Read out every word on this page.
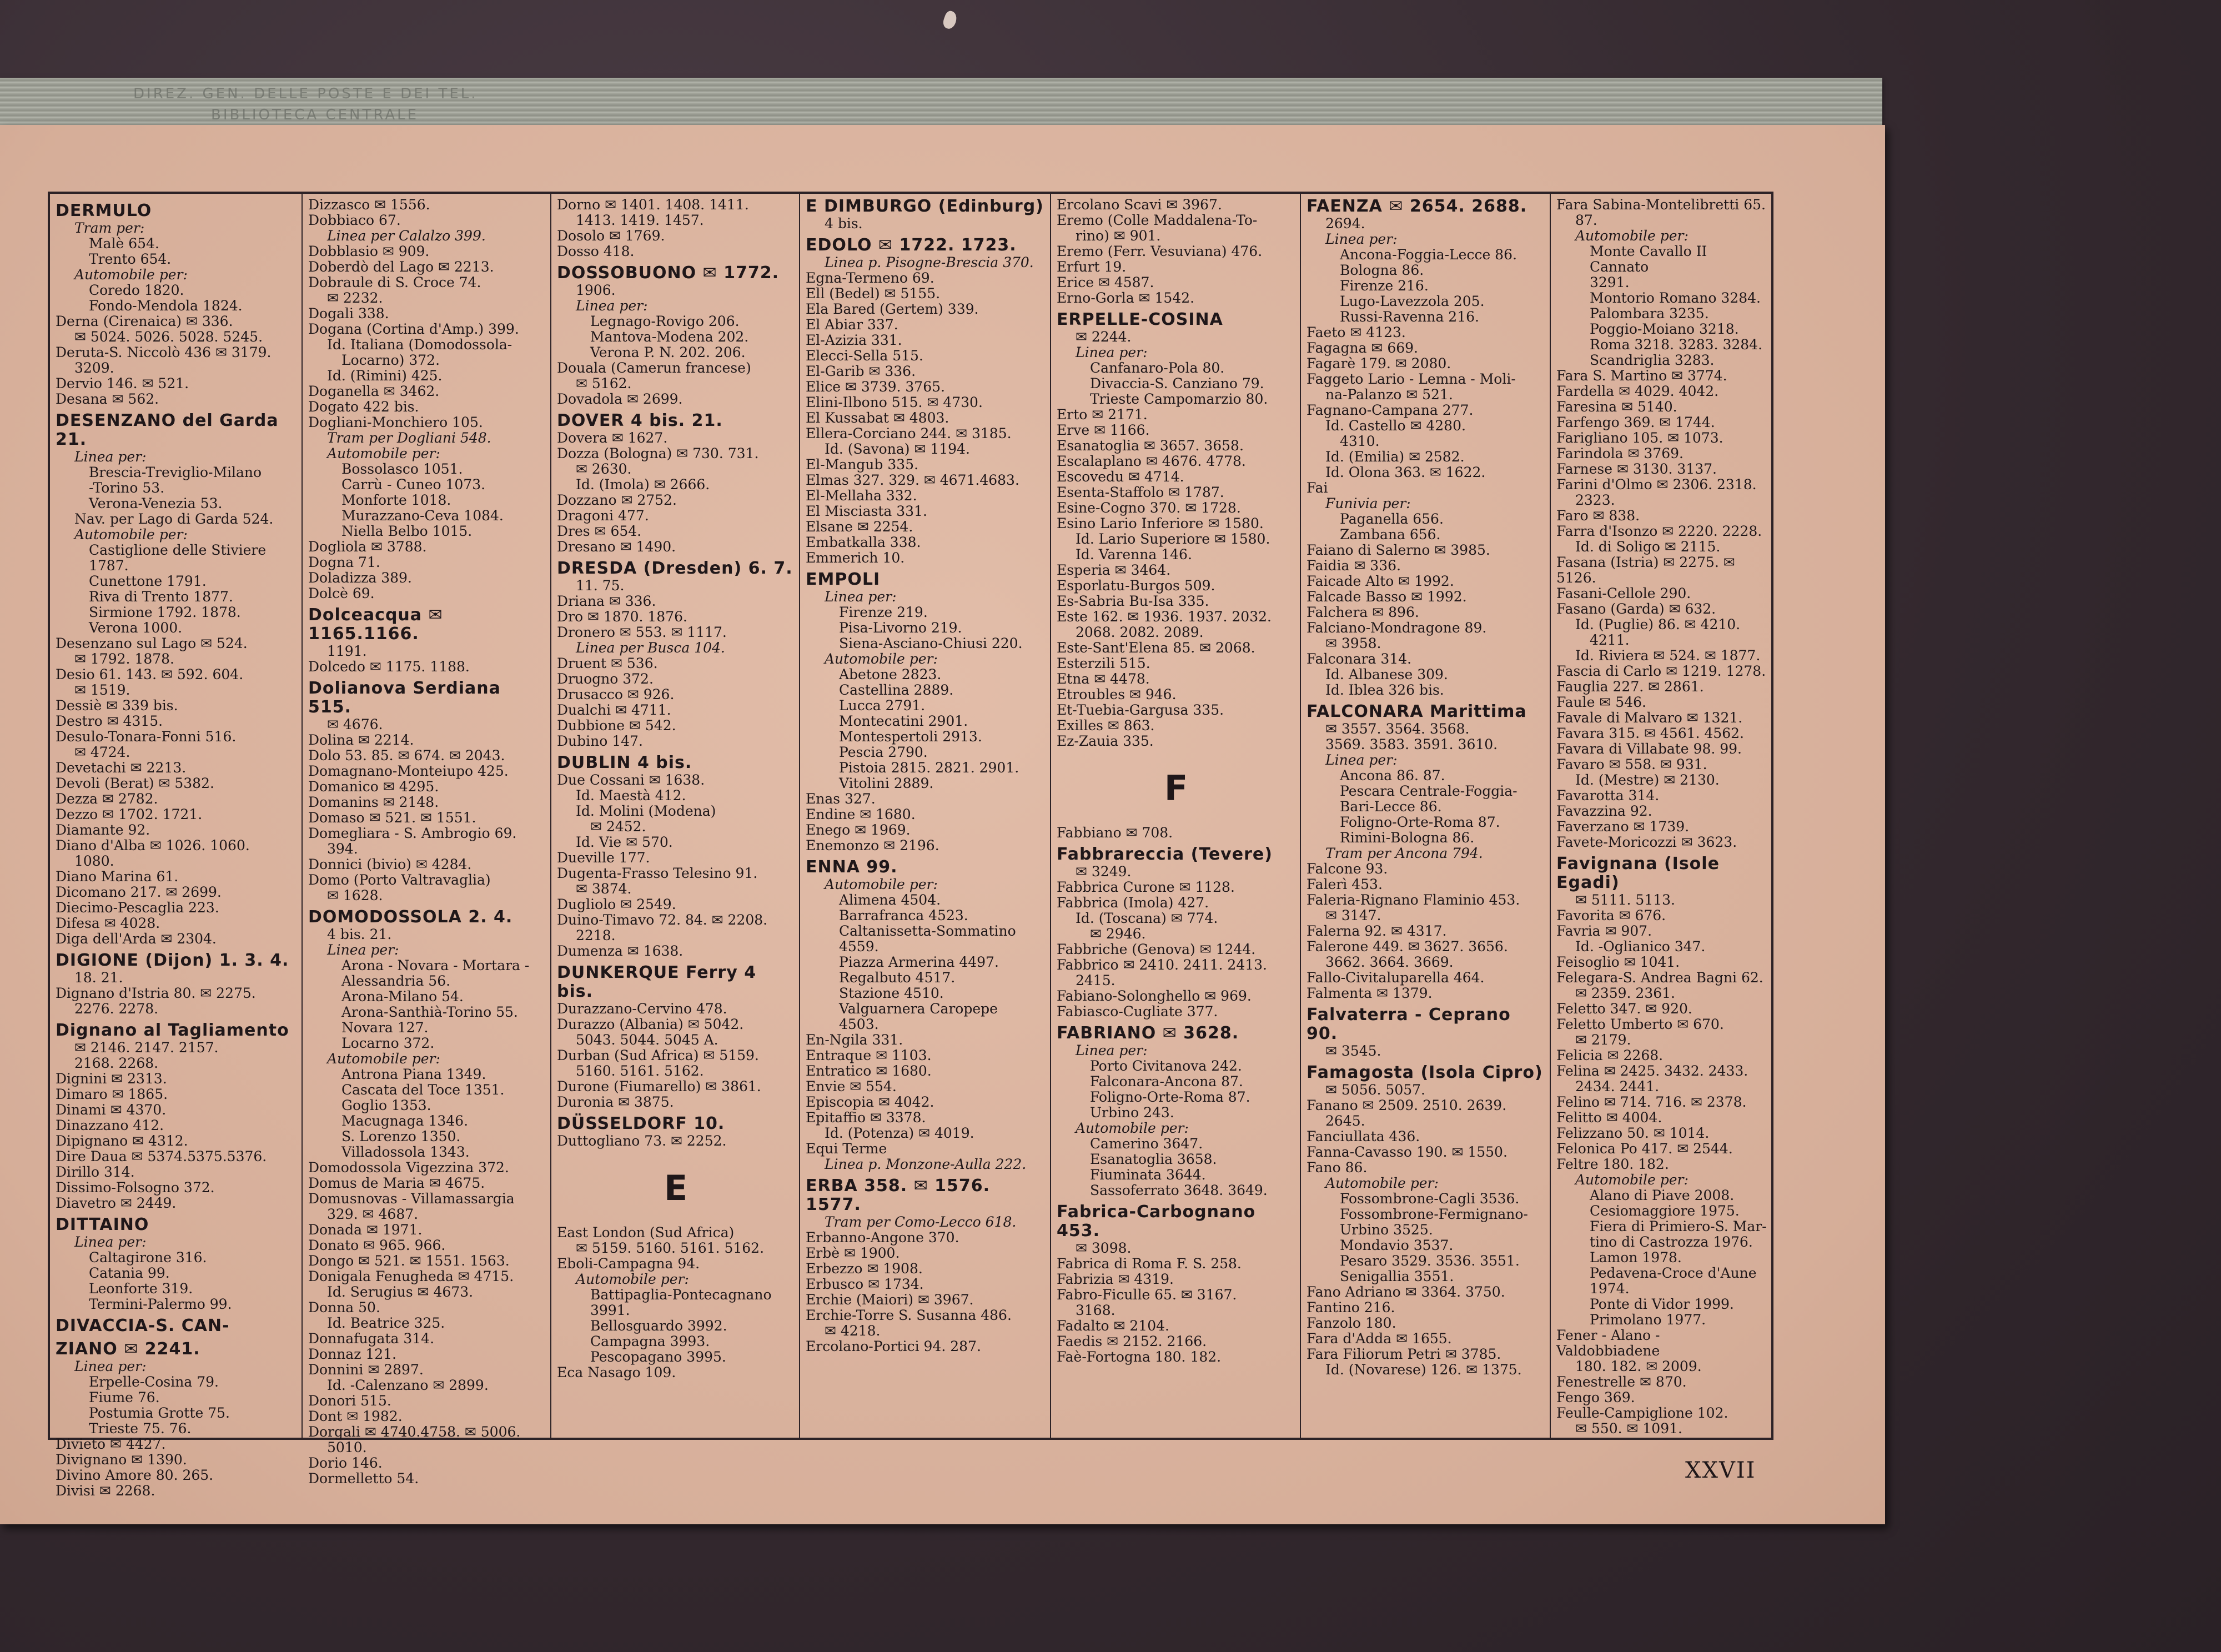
DIREZ. GEN. DELLE POSTE E DEI TEL.
BIBLIOTECA CENTRALE

DERMULO

Tram per:

Malè 654.

Trento 654.

Automobile per:

Coredo 1820.

Fondo-Mendola 1824.

Derna (Cirenaica) ✉ 336.

✉ 5024. 5026. 5028. 5245.

Deruta-S. Niccolò 436 ✉ 3179.

3209.

Dervio 146. ✉ 521.

Desana ✉ 562.

DESENZANO del Garda 21.

Linea per:

Brescia-Treviglio-Milano

-Torino 53.

Verona-Venezia 53.

Nav. per Lago di Garda 524.

Automobile per:

Castiglione delle Stiviere

1787.

Cunettone 1791.

Riva di Trento 1877.

Sirmione 1792. 1878.

Verona 1000.

Desenzano sul Lago ✉ 524.

✉ 1792. 1878.

Desio 61. 143. ✉ 592. 604.

✉ 1519.

Dessiè ✉ 339 bis.

Destro ✉ 4315.

Desulo-Tonara-Fonni 516.

✉ 4724.

Devetachi ✉ 2213.

Devoli (Berat) ✉ 5382.

Dezza ✉ 2782.

Dezzo ✉ 1702. 1721.

Diamante 92.

Diano d'Alba ✉ 1026. 1060.

1080.

Diano Marina 61.

Dicomano 217. ✉ 2699.

Diecimo-Pescaglia 223.

Difesa ✉ 4028.

Diga dell'Arda ✉ 2304.

DIGIONE (Dijon) 1. 3. 4.

18. 21.

Dignano d'Istria 80. ✉ 2275.

2276. 2278.

Dignano al Tagliamento

✉ 2146. 2147. 2157.

2168. 2268.

Dignini ✉ 2313.

Dimaro ✉ 1865.

Dinami ✉ 4370.

Dinazzano 412.

Dipignano ✉ 4312.

Dire Daua ✉ 5374.5375.5376.

Dirillo 314.

Dissimo-Folsogno 372.

Diavetro ✉ 2449.

DITTAINO

Linea per:

Caltagirone 316.

Catania 99.

Leonforte 319.

Termini-Palermo 99.

DIVACCIA-S. CAN-

ZIANO ✉ 2241.

Linea per:

Erpelle-Cosina 79.

Fiume 76.

Postumia Grotte 75.

Trieste 75. 76.

Divieto ✉ 4427.

Divignano ✉ 1390.

Divino Amore 80. 265.

Divisi ✉ 2268.

Dizzasco ✉ 1556.

Dobbiaco 67.

Linea per Calalzo 399.

Dobblasio ✉ 909.

Doberdò del Lago ✉ 2213.

Dobraule di S. Croce 74.

✉ 2232.

Dogali 338.

Dogana (Cortina d'Amp.) 399.

Id. Italiana (Domodossola-

Locarno) 372.

Id. (Rimini) 425.

Doganella ✉ 3462.

Dogato 422 bis.

Dogliani-Monchiero 105.

Tram per Dogliani 548.

Automobile per:

Bossolasco 1051.

Carrù - Cuneo 1073.

Monforte 1018.

Murazzano-Ceva 1084.

Niella Belbo 1015.

Dogliola ✉ 3788.

Dogna 71.

Doladizza 389.

Dolcè 69.

Dolceacqua ✉ 1165.1166.

1191.

Dolcedo ✉ 1175. 1188.

Dolianova Serdiana 515.

✉ 4676.

Dolina ✉ 2214.

Dolo 53. 85. ✉ 674. ✉ 2043.

Domagnano-Monteiupo 425.

Domanico ✉ 4295.

Domanins ✉ 2148.

Domaso ✉ 521. ✉ 1551.

Domegliara - S. Ambrogio 69.

394.

Donnici (bivio) ✉ 4284.

Domo (Porto Valtravaglia)

✉ 1628.

DOMODOSSOLA 2. 4.

4 bis. 21.

Linea per:

Arona - Novara - Mortara -

Alessandria 56.

Arona-Milano 54.

Arona-Santhià-Torino 55.

Novara 127.

Locarno 372.

Automobile per:

Antrona Piana 1349.

Cascata del Toce 1351.

Goglio 1353.

Macugnaga 1346.

S. Lorenzo 1350.

Villadossola 1343.

Domodossola Vigezzina 372.

Domus de Maria ✉ 4675.

Domusnovas - Villamassargia

329. ✉ 4687.

Donada ✉ 1971.

Donato ✉ 965. 966.

Dongo ✉ 521. ✉ 1551. 1563.

Donigala Fenugheda ✉ 4715.

Id. Serugius ✉ 4673.

Donna 50.

Id. Beatrice 325.

Donnafugata 314.

Donnaz 121.

Donnini ✉ 2897.

Id. -Calenzano ✉ 2899.

Donori 515.

Dont ✉ 1982.

Dorgali ✉ 4740.4758. ✉ 5006.

5010.

Dorio 146.

Dormelletto 54.

Dorno ✉ 1401. 1408. 1411.

1413. 1419. 1457.

Dosolo ✉ 1769.

Dosso 418.

DOSSOBUONO ✉ 1772.

1906.

Linea per:

Legnago-Rovigo 206.

Mantova-Modena 202.

Verona P. N. 202. 206.

Douala (Camerun francese)

✉ 5162.

Dovadola ✉ 2699.

DOVER 4 bis. 21.

Dovera ✉ 1627.

Dozza (Bologna) ✉ 730. 731.

✉ 2630.

Id. (Imola) ✉ 2666.

Dozzano ✉ 2752.

Dragoni 477.

Dres ✉ 654.

Dresano ✉ 1490.

DRESDA (Dresden) 6. 7.

11. 75.

Driana ✉ 336.

Dro ✉ 1870. 1876.

Dronero ✉ 553. ✉ 1117.

Linea per Busca 104.

Druent ✉ 536.

Druogno 372.

Drusacco ✉ 926.

Dualchi ✉ 4711.

Dubbione ✉ 542.

Dubino 147.

DUBLIN 4 bis.

Due Cossani ✉ 1638.

Id. Maestà 412.

Id. Molini (Modena)

✉ 2452.

Id. Vie ✉ 570.

Dueville 177.

Dugenta-Frasso Telesino 91.

✉ 3874.

Dugliolo ✉ 2549.

Duino-Timavo 72. 84. ✉ 2208.

2218.

Dumenza ✉ 1638.

DUNKERQUE Ferry 4 bis.

Durazzano-Cervino 478.

Durazzo (Albania) ✉ 5042.

5043. 5044. 5045 A.

Durban (Sud Africa) ✉ 5159.

5160. 5161. 5162.

Durone (Fiumarello) ✉ 3861.

Duronia ✉ 3875.

DÜSSELDORF 10.

Duttogliano 73. ✉ 2252.

E

East London (Sud Africa)

✉ 5159. 5160. 5161. 5162.

Eboli-Campagna 94.

Automobile per:

Battipaglia-Pontecagnano

3991.

Bellosguardo 3992.

Campagna 3993.

Pescopagano 3995.

Eca Nasago 109.

E DIMBURGO (Edinburg)

4 bis.

EDOLO ✉ 1722. 1723.

Linea p. Pisogne-Brescia 370.

Egna-Termeno 69.

Ell (Bedel) ✉ 5155.

Ela Bared (Gertem) 339.

El Abiar 337.

El-Azizia 331.

Elecci-Sella 515.

El-Garib ✉ 336.

Elice ✉ 3739. 3765.

Elini-Ilbono 515. ✉ 4730.

El Kussabat ✉ 4803.

Ellera-Corciano 244. ✉ 3185.

Id. (Savona) ✉ 1194.

El-Mangub 335.

Elmas 327. 329. ✉ 4671.4683.

El-Mellaha 332.

El Misciasta 331.

Elsane ✉ 2254.

Embatkalla 338.

Emmerich 10.

EMPOLI

Linea per:

Firenze 219.

Pisa-Livorno 219.

Siena-Asciano-Chiusi 220.

Automobile per:

Abetone 2823.

Castellina 2889.

Lucca 2791.

Montecatini 2901.

Montespertoli 2913.

Pescia 2790.

Pistoia 2815. 2821. 2901.

Vitolini 2889.

Enas 327.

Endine ✉ 1680.

Enego ✉ 1969.

Enemonzo ✉ 2196.

ENNA 99.

Automobile per:

Alimena 4504.

Barrafranca 4523.

Caltanissetta-Sommatino

4559.

Piazza Armerina 4497.

Regalbuto 4517.

Stazione 4510.

Valguarnera Caropepe

4503.

En-Ngila 331.

Entraque ✉ 1103.

Entratico ✉ 1680.

Envie ✉ 554.

Episcopia ✉ 4042.

Epitaffio ✉ 3378.

Id. (Potenza) ✉ 4019.

Equi Terme

Linea p. Monzone-Aulla 222.

ERBA 358. ✉ 1576. 1577.

Tram per Como-Lecco 618.

Erbanno-Angone 370.

Erbè ✉ 1900.

Erbezzo ✉ 1908.

Erbusco ✉ 1734.

Erchie (Maiori) ✉ 3967.

Erchie-Torre S. Susanna 486.

✉ 4218.

Ercolano-Portici 94. 287.

Ercolano Scavi ✉ 3967.

Eremo (Colle Maddalena-To-

rino) ✉ 901.

Eremo (Ferr. Vesuviana) 476.

Erfurt 19.

Erice ✉ 4587.

Erno-Gorla ✉ 1542.

ERPELLE-COSINA

✉ 2244.

Linea per:

Canfanaro-Pola 80.

Divaccia-S. Canziano 79.

Trieste Campomarzio 80.

Erto ✉ 2171.

Erve ✉ 1166.

Esanatoglia ✉ 3657. 3658.

Escalaplano ✉ 4676. 4778.

Escovedu ✉ 4714.

Esenta-Staffolo ✉ 1787.

Esine-Cogno 370. ✉ 1728.

Esino Lario Inferiore ✉ 1580.

Id. Lario Superiore ✉ 1580.

Id. Varenna 146.

Esperia ✉ 3464.

Esporlatu-Burgos 509.

Es-Sabria Bu-Isa 335.

Este 162. ✉ 1936. 1937. 2032.

2068. 2082. 2089.

Este-Sant'Elena 85. ✉ 2068.

Esterzili 515.

Etna ✉ 4478.

Etroubles ✉ 946.

Et-Tuebia-Gargusa 335.

Exilles ✉ 863.

Ez-Zauia 335.

F

Fabbiano ✉ 708.

Fabbrareccia (Tevere)

✉ 3249.

Fabbrica Curone ✉ 1128.

Fabbrica (Imola) 427.

Id. (Toscana) ✉ 774.

✉ 2946.

Fabbriche (Genova) ✉ 1244.

Fabbrico ✉ 2410. 2411. 2413.

2415.

Fabiano-Solonghello ✉ 969.

Fabiasco-Cugliate 377.

FABRIANO ✉ 3628.

Linea per:

Porto Civitanova 242.

Falconara-Ancona 87.

Foligno-Orte-Roma 87.

Urbino 243.

Automobile per:

Camerino 3647.

Esanatoglia 3658.

Fiuminata 3644.

Sassoferrato 3648. 3649.

Fabrica-Carbognano 453.

✉ 3098.

Fabrica di Roma F. S. 258.

Fabrizia ✉ 4319.

Fabro-Ficulle 65. ✉ 3167.

3168.

Fadalto ✉ 2104.

Faedis ✉ 2152. 2166.

Faè-Fortogna 180. 182.

FAENZA ✉ 2654. 2688.

2694.

Linea per:

Ancona-Foggia-Lecce 86.

Bologna 86.

Firenze 216.

Lugo-Lavezzola 205.

Russi-Ravenna 216.

Faeto ✉ 4123.

Fagagna ✉ 669.

Fagarè 179. ✉ 2080.

Faggeto Lario - Lemna - Moli-

na-Palanzo ✉ 521.

Fagnano-Campana 277.

Id. Castello ✉ 4280.

4310.

Id. (Emilia) ✉ 2582.

Id. Olona 363. ✉ 1622.

Fai

Funivia per:

Paganella 656.

Zambana 656.

Faiano di Salerno ✉ 3985.

Faidia ✉ 336.

Faicade Alto ✉ 1992.

Falcade Basso ✉ 1992.

Falchera ✉ 896.

Falciano-Mondragone 89.

✉ 3958.

Falconara 314.

Id. Albanese 309.

Id. Iblea 326 bis.

FALCONARA Marittima

✉ 3557. 3564. 3568.

3569. 3583. 3591. 3610.

Linea per:

Ancona 86. 87.

Pescara Centrale-Foggia-

Bari-Lecce 86.

Foligno-Orte-Roma 87.

Rimini-Bologna 86.

Tram per Ancona 794.

Falcone 93.

Falerì 453.

Faleria-Rignano Flaminio 453.

✉ 3147.

Falerna 92. ✉ 4317.

Falerone 449. ✉ 3627. 3656.

3662. 3664. 3669.

Fallo-Civitaluparella 464.

Falmenta ✉ 1379.

Falvaterra - Ceprano 90.

✉ 3545.

Famagosta (Isola Cipro)

✉ 5056. 5057.

Fanano ✉ 2509. 2510. 2639.

2645.

Fanciullata 436.

Fanna-Cavasso 190. ✉ 1550.

Fano 86.

Automobile per:

Fossombrone-Cagli 3536.

Fossombrone-Fermignano-

Urbino 3525.

Mondavio 3537.

Pesaro 3529. 3536. 3551.

Senigallia 3551.

Fano Adriano ✉ 3364. 3750.

Fantino 216.

Fanzolo 180.

Fara d'Adda ✉ 1655.

Fara Filiorum Petri ✉ 3785.

Id. (Novarese) 126. ✉ 1375.

Fara Sabina-Montelibretti 65.

87.

Automobile per:

Monte Cavallo II Cannato

3291.

Montorio Romano 3284.

Palombara 3235.

Poggio-Moiano 3218.

Roma 3218. 3283. 3284.

Scandriglia 3283.

Fara S. Martino ✉ 3774.

Fardella ✉ 4029. 4042.

Faresina ✉ 5140.

Farfengo 369. ✉ 1744.

Farigliano 105. ✉ 1073.

Farindola ✉ 3769.

Farnese ✉ 3130. 3137.

Farini d'Olmo ✉ 2306. 2318.

2323.

Faro ✉ 838.

Farra d'Isonzo ✉ 2220. 2228.

Id. di Soligo ✉ 2115.

Fasana (Istria) ✉ 2275. ✉ 5126.

Fasani-Cellole 290.

Fasano (Garda) ✉ 632.

Id. (Puglie) 86. ✉ 4210.

4211.

Id. Riviera ✉ 524. ✉ 1877.

Fascia di Carlo ✉ 1219. 1278.

Fauglia 227. ✉ 2861.

Faule ✉ 546.

Favale di Malvaro ✉ 1321.

Favara 315. ✉ 4561. 4562.

Favara di Villabate 98. 99.

Favaro ✉ 558. ✉ 931.

Id. (Mestre) ✉ 2130.

Favarotta 314.

Favazzina 92.

Faverzano ✉ 1739.

Favete-Moricozzi ✉ 3623.

Favignana (Isole Egadi)

✉ 5111. 5113.

Favorita ✉ 676.

Favria ✉ 907.

Id. -Oglianico 347.

Feisoglio ✉ 1041.

Felegara-S. Andrea Bagni 62.

✉ 2359. 2361.

Feletto 347. ✉ 920.

Feletto Umberto ✉ 670.

✉ 2179.

Felicia ✉ 2268.

Felina ✉ 2425. 3432. 2433.

2434. 2441.

Felino ✉ 714. 716. ✉ 2378.

Felitto ✉ 4004.

Felizzano 50. ✉ 1014.

Felonica Po 417. ✉ 2544.

Feltre 180. 182.

Automobile per:

Alano di Piave 2008.

Cesiomaggiore 1975.

Fiera di Primiero-S. Mar-

tino di Castrozza 1976.

Lamon 1978.

Pedavena-Croce d'Aune

1974.

Ponte di Vidor 1999.

Primolano 1977.

Fener - Alano - Valdobbiadene

180. 182. ✉ 2009.

Fenestrelle ✉ 870.

Fengo 369.

Feulle-Campiglione 102.

✉ 550. ✉ 1091.

XXVII
